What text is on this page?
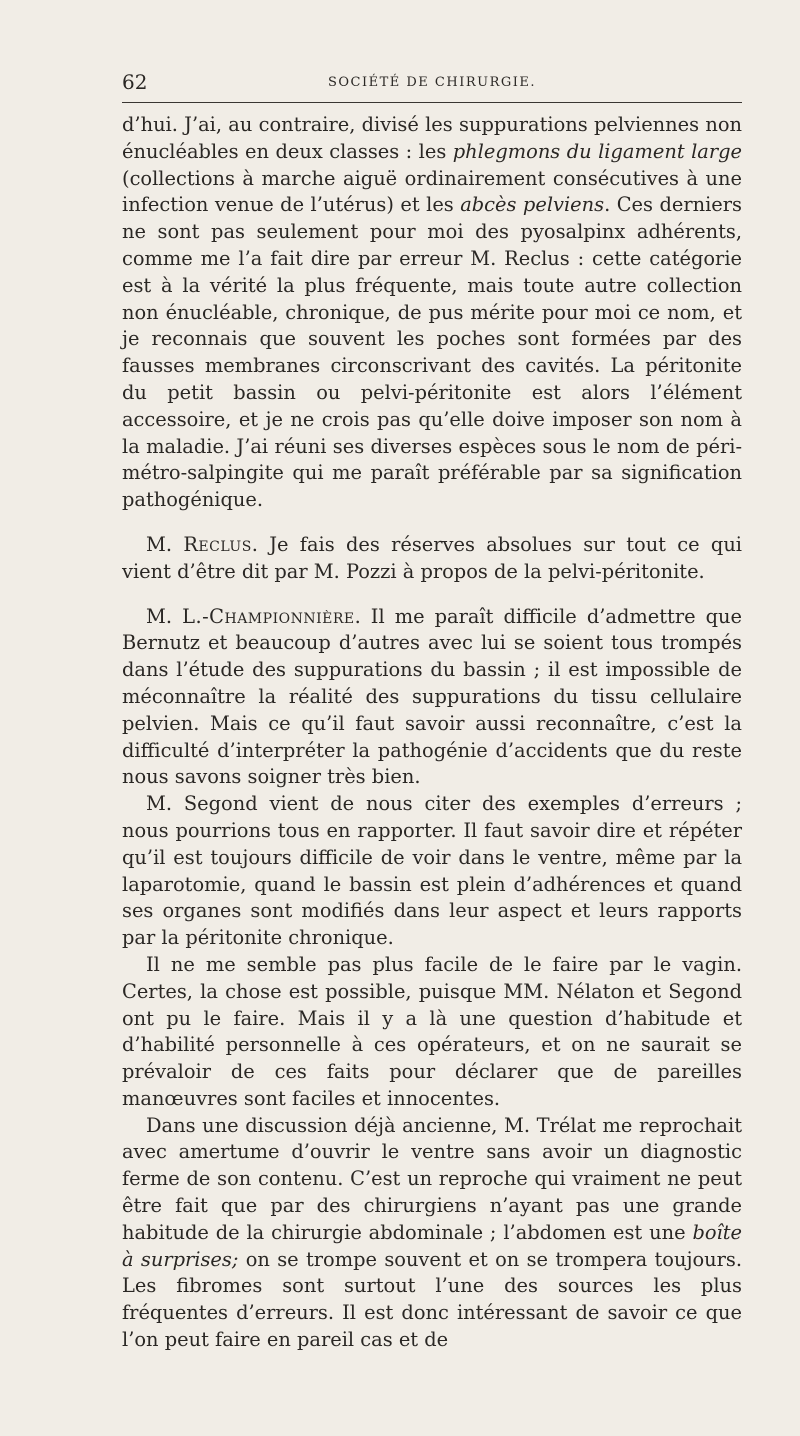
62	SOCIÉTÉ DE CHIRURGIE.

d’hui. J’ai, au contraire, divisé les suppurations pelviennes non énucléables en deux classes : les phlegmons du ligament large (collections à marche aiguë ordinairement consécutives à une infection venue de l’utérus) et les abcès pelviens. Ces derniers ne sont pas seulement pour moi des pyosalpinx adhérents, comme me l’a fait dire par erreur M. Reclus : cette catégorie est à la vérité la plus fréquente, mais toute autre collection non énucléable, chronique, de pus mérite pour moi ce nom, et je reconnais que souvent les poches sont formées par des fausses membranes circonscrivant des cavités. La péritonite du petit bassin ou pelvi-péritonite est alors l’élément accessoire, et je ne crois pas qu’elle doive imposer son nom à la maladie. J’ai réuni ses diverses espèces sous le nom de péri-métro-salpingite qui me paraît préférable par sa signification pathogénique.

M. Reclus. Je fais des réserves absolues sur tout ce qui vient d’être dit par M. Pozzi à propos de la pelvi-péritonite.

M. L.-Championnière. Il me paraît difficile d’admettre que Bernutz et beaucoup d’autres avec lui se soient tous trompés dans l’étude des suppurations du bassin ; il est impossible de méconnaître la réalité des suppurations du tissu cellulaire pelvien. Mais ce qu’il faut savoir aussi reconnaître, c’est la difficulté d’interpréter la pathogénie d’accidents que du reste nous savons soigner très bien.

M. Segond vient de nous citer des exemples d’erreurs ; nous pourrions tous en rapporter. Il faut savoir dire et répéter qu’il est toujours difficile de voir dans le ventre, même par la laparotomie, quand le bassin est plein d’adhérences et quand ses organes sont modifiés dans leur aspect et leurs rapports par la péritonite chronique.

Il ne me semble pas plus facile de le faire par le vagin. Certes, la chose est possible, puisque MM. Nélaton et Segond ont pu le faire. Mais il y a là une question d’habitude et d’habilité personnelle à ces opérateurs, et on ne saurait se prévaloir de ces faits pour déclarer que de pareilles manœuvres sont faciles et innocentes.

Dans une discussion déjà ancienne, M. Trélat me reprochait avec amertume d’ouvrir le ventre sans avoir un diagnostic ferme de son contenu. C’est un reproche qui vraiment ne peut être fait que par des chirurgiens n’ayant pas une grande habitude de la chirurgie abdominale ; l’abdomen est une boîte à surprises; on se trompe souvent et on se trompera toujours. Les fibromes sont surtout l’une des sources les plus fréquentes d’erreurs. Il est donc intéressant de savoir ce que l’on peut faire en pareil cas et de
